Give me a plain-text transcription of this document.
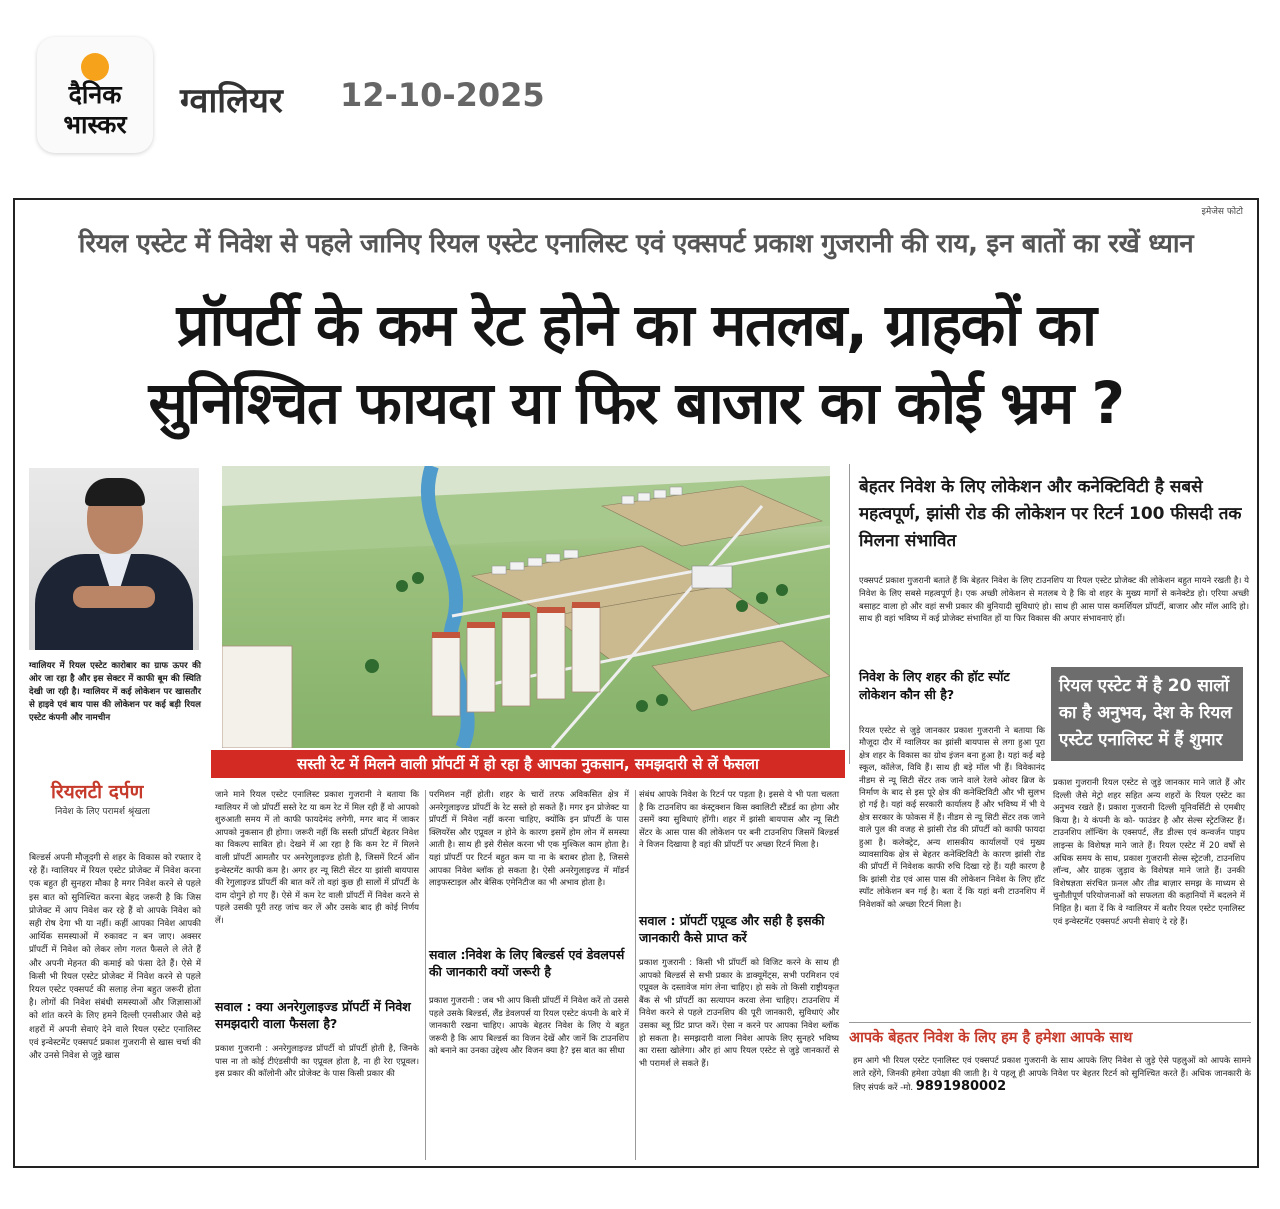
दैनिक
भास्कर
ग्वालियर 12-10-2025
इमेजेस फोटो
रियल एस्टेट में निवेश से पहले जानिए रियल एस्टेट एनालिस्ट एवं एक्सपर्ट प्रकाश गुजरानी की राय, इन बातों का रखें ध्यान
प्रॉपर्टी के कम रेट होने का मतलब, ग्राहकों का
सुनिश्चित फायदा या फिर बाजार का कोई भ्रम ?
ग्वालियर में रियल एस्टेट कारोबार का ग्राफ ऊपर की ओर जा रहा है और इस सेक्टर में काफी बूम की स्थिति देखी जा रही है। ग्वालियर में कई लोकेशन पर खासतौर से हाइवे एवं बाय पास की लोकेशन पर कई बड़ी रियल एस्टेट कंपनी और नामचीन
रियलटी दर्पण
निवेश के लिए परामर्श श्रृंखला
बिल्डर्स अपनी मौजूदगी से शहर के विकास को रफ्तार दे रहे हैं। ग्वालियर में रियल एस्टेट प्रोजेक्ट में निवेश करना एक बहुत ही सुनहरा मौका है मगर निवेश करने से पहले इस बात को सुनिश्चित करना बेहद जरूरी है कि जिस प्रोजेक्ट में आप निवेश कर रहे हैं वो आपके निवेश को सही रोष देगा भी या नहीं। कहीं आपका निवेश आपकी आर्थिक समस्याओं में रुकावट न बन जाए। अक्सर प्रॉपर्टी में निवेश को लेकर लोग गलत फैसले ले लेते हैं और अपनी मेहनत की कमाई को फंसा देते हैं। ऐसे में किसी भी रियल एस्टेट प्रोजेक्ट में निवेश करने से पहले रियल एस्टेट एक्सपर्ट की सलाह लेना बहुत जरूरी होता है। लोगों की निवेश संबंधी समस्याओं और जिज्ञासाओं को शांत करने के लिए हमने दिल्ली एनसीआर जैसे बड़े शहरों में अपनी सेवाएं देने वाले रियल एस्टेट एनालिस्ट एवं इन्वेस्टमेंट एक्सपर्ट प्रकाश गुजरानी से खास चर्चा की और उनसे निवेश से जुड़े खास
सस्ती रेट में मिलने वाली प्रॉपर्टी में हो रहा है आपका नुकसान, समझदारी से लें फैसला
जाने माने रियल एस्टेट एनालिस्ट प्रकाश गुजरानी ने बताया कि ग्वालियर में जो प्रॉपर्टी सस्ते रेट या कम रेट में मिल रही हैं वो आपको शुरुआती समय में तो काफी फायदेमंद लगेगी, मगर बाद में जाकर आपको नुकसान ही होगा। जरूरी नहीं कि सस्ती प्रॉपर्टी बेहतर निवेश का विकल्प साबित हो। देखने में आ रहा है कि कम रेट में मिलने वाली प्रॉपर्टी आमतौर पर अनरेगुलाइज्ड होती है, जिसमें रिटर्न ऑन इन्वेस्टमेंट काफी कम है। अगर हर न्यू सिटी सेंटर या झांसी बायपास की रेगुलाइज्ड प्रॉपर्टी की बात करें तो वहां कुछ ही सालों में प्रॉपर्टी के दाम दोगुने हो गए हैं। ऐसे में कम रेट वाली प्रॉपर्टी में निवेश करने से पहले उसकी पूरी तरह जांच कर लें और उसके बाद ही कोई निर्णय लें।
सवाल : क्या अनरेगुलाइज्ड प्रॉपर्टी में निवेश समझदारी वाला फैसला है?
प्रकाश गुजरानी : अनरेगुलाइज्ड प्रॉपर्टी वो प्रॉपर्टी होती है, जिनके पास ना तो कोई टीएंडसीपी का एप्रूवल होता है, ना ही रेरा एप्रूवल। इस प्रकार की कॉलोनी और प्रोजेक्ट के पास किसी प्रकार की
परमिशन नहीं होती। शहर के चारों तरफ अविकसित क्षेत्र में अनरेगुलाइज्ड प्रॉपर्टी के रेट सस्ते हो सकते हैं। मगर इन प्रोजेक्ट या प्रॉपर्टी में निवेश नहीं करना चाहिए, क्योंकि इन प्रॉपर्टी के पास क्लियरेंस और एप्रूवल न होने के कारण इसमें होम लोन में समस्या आती है। साथ ही इसे रीसेल करना भी एक मुश्किल काम होता है। यहां प्रॉपर्टी पर रिटर्न बहुत कम या ना के बराबर होता है, जिससे आपका निवेश ब्लॉक हो सकता है। ऐसी अनरेगुलाइज्ड में मॉडर्न लाइफस्टाइल और बेसिक एमेनिटीज का भी अभाव होता है।
सवाल :निवेश के लिए बिल्डर्स एवं डेवलपर्स की जानकारी क्यों जरूरी है
प्रकाश गुजरानी : जब भी आप किसी प्रॉपर्टी में निवेश करें तो उससे पहले उसके बिल्डर्स, लैंड डेवलपर्स या रियल एस्टेट कंपनी के बारे में जानकारी रखना चाहिए। आपके बेहतर निवेश के लिए ये बहुत जरूरी है कि आप बिल्डर्स का विजन देखें और जानें कि टाउनशिप को बनाने का उनका उद्देश्य और विजन क्या है? इस बात का सीधा
संबंध आपके निवेश के रिटर्न पर पड़ता है। इससे ये भी पता चलता है कि टाउनशिप का कंस्ट्रक्शन किस क्वालिटी स्टैंडर्ड का होगा और उसमें क्या सुविधाएं होंगी। शहर में झांसी बायपास और न्यू सिटी सेंटर के आस पास की लोकेशन पर बनी टाउनशिप जिसमें बिल्डर्स ने विजन दिखाया है वहां की प्रॉपर्टी पर अच्छा रिटर्न मिला है।
सवाल : प्रॉपर्टी एप्रूव्ड और सही है इसकी जानकारी कैसे प्राप्त करें
प्रकाश गुजरानी : किसी भी प्रॉपर्टी को विजिट करने के साथ ही आपको बिल्डर्स से सभी प्रकार के डाक्यूमेंट्स, सभी परमिशन एवं एप्रूवल के दस्तावेज मांग लेना चाहिए। हो सके तो किसी राष्ट्रीयकृत बैंक से भी प्रॉपर्टी का सत्यापन करवा लेना चाहिए। टाउनशिप में निवेश करने से पहले टाउनशिप की पूरी जानकारी, सुविधाएं और उसका ब्लू प्रिंट प्राप्त करें। ऐसा न करने पर आपका निवेश ब्लॉक हो सकता है। समझदारी वाला निवेश आपके लिए सुनहरे भविष्य का रास्ता खोलेगा। और हां आप रियल एस्टेट से जुड़े जानकारों से भी परामर्श ले सकते हैं।
बेहतर निवेश के लिए लोकेशन और कनेक्टिविटी है सबसे महत्वपूर्ण, झांसी रोड की लोकेशन पर रिटर्न 100 फीसदी तक मिलना संभावित
एक्सपर्ट प्रकाश गुजरानी बताते हैं कि बेहतर निवेश के लिए टाउनशिप या रियल एस्टेट प्रोजेक्ट की लोकेशन बहुत मायने रखती है। ये निवेश के लिए सबसे महत्वपूर्ण है। एक अच्छी लोकेशन से मतलब ये है कि वो शहर के मुख्य मार्गों से कनेक्टेड हो। एरिया अच्छी बसाहट वाला हो और वहां सभी प्रकार की बुनियादी सुविधाएं हो। साथ ही आस पास कमर्शियल प्रॉपर्टी, बाजार और मॉल आदि हो। साथ ही वहां भविष्य में कई प्रोजेक्ट संभावित हों या फिर विकास की अपार संभावनाएं हों।
निवेश के लिए शहर की हॉट स्पॉट लोकेशन कौन सी है?
रियल एस्टेट से जुड़े जानकार प्रकाश गुजरानी ने बताया कि मौजूदा दौर में ग्वालियर का झांसी बायपास से लगा हुआ पूरा क्षेत्र शहर के विकास का ग्रोथ इंजन बना हुआ है। यहां कई बड़े स्कूल, कॉलेज, विवि हैं। साथ ही बड़े मॉल भी हैं। विवेकानंद नीडम से न्यू सिटी सेंटर तक जाने वाले रेलवे ओवर ब्रिज के निर्माण के बाद से इस पूरे क्षेत्र की कनेक्टिविटी और भी सुलभ हो गई है। यहां कई सरकारी कार्यालय हैं और भविष्य में भी ये क्षेत्र सरकार के फोकस में हैं। नीडम से न्यू सिटी सेंटर तक जाने वाले पुल की वजह से झांसी रोड की प्रॉपर्टी को काफी फायदा हुआ है। कलेक्ट्रेट, अन्य शासकीय कार्यालयों एवं मुख्य व्यावसायिक क्षेत्र से बेहतर कनेक्टिविटी के कारण झांसी रोड की प्रॉपर्टी में निवेशक काफी रुचि दिखा रहे हैं। यही कारण है कि झांसी रोड एवं आस पास की लोकेशन निवेश के लिए हॉट स्पॉट लोकेशन बन गई है। बता दें कि यहां बनी टाउनशिप में निवेशकों को अच्छा रिटर्न मिला है।
रियल एस्टेट में है 20 सालों का है अनुभव, देश के रियल एस्टेट एनालिस्ट में हैं शुमार
प्रकाश गुजरानी रियल एस्टेट से जुड़े जानकार माने जाते हैं और दिल्ली जैसे मेट्रो शहर सहित अन्य शहरों के रियल एस्टेट का अनुभव रखते हैं। प्रकाश गुजरानी दिल्ली यूनिवर्सिटी से एमबीए किया है। ये कंपनी के को- फाउंडर है और सेल्स स्ट्रेटजिस्ट हैं। टाउनशिप लॉन्चिंग के एक्सपर्ट, लैंड डील्स एवं कन्वर्जन पाइप लाइन्स के विशेषज्ञ माने जाते हैं। रियल एस्टेट में 20 वर्षों से अधिक समय के साथ, प्रकाश गुजरानी सेल्स स्ट्रेटजी, टाउनशिप लॉन्च, और ग्राहक जुड़ाव के विशेषज्ञ माने जाते हैं। उनकी विशेषज्ञता संरचित फ़नल और तीव्र बाज़ार समझ के माध्यम से चुनौतीपूर्ण परियोजनाओं को सफलता की कहानियों में बदलने में निहित है। बता दें कि वे ग्वालियर में बतौर रियल एस्टेट एनालिस्ट एवं इन्वेस्टमेंट एक्सपर्ट अपनी सेवाएं दे रहे हैं।
आपके बेहतर निवेश के लिए हम है हमेशा आपके साथ
हम आगे भी रियल एस्टेट एनालिस्ट एवं एक्सपर्ट प्रकाश गुजरानी के साथ आपके लिए निवेश से जुड़े ऐसे पहलुओं को आपके सामने लाते रहेंगे, जिनकी हमेशा उपेक्षा की जाती है। ये पहलू ही आपके निवेश पर बेहतर रिटर्न को सुनिश्चित करते हैं। अधिक जानकारी के लिए संपर्क करें -मो. 9891980002
